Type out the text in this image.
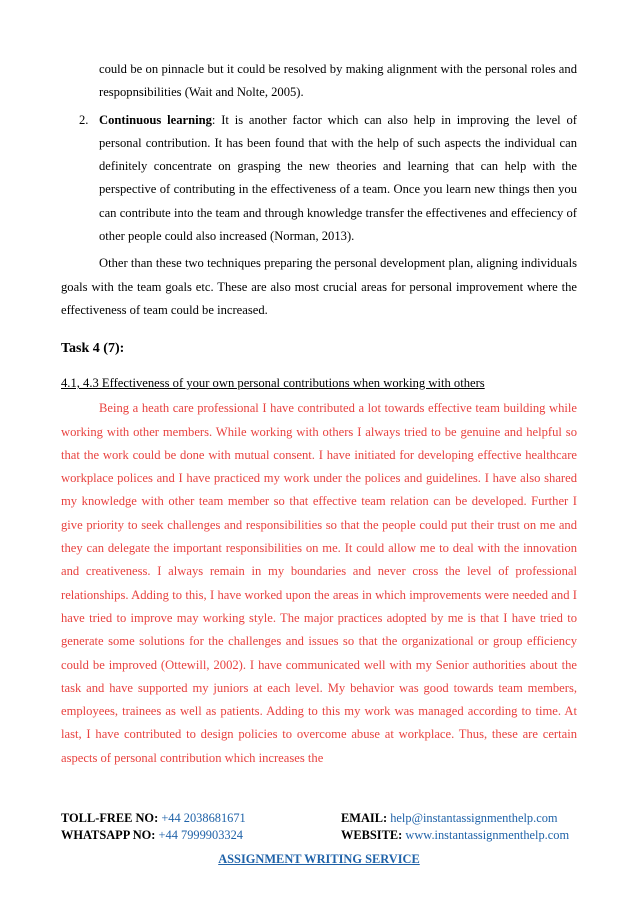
could be on pinnacle but it could be resolved by making alignment with the personal roles and respopnsibilities (Wait and Nolte, 2005).
2. Continuous learning: It is another factor which can also help in improving the level of personal contribution. It has been found that with the help of such aspects the individual can definitely concentrate on grasping the new theories and learning that can help with the perspective of contributing in the effectiveness of a team. Once you learn new things then you can contribute into the team and through knowledge transfer the effectivenes and effeciency of other people could also increased (Norman, 2013).
Other than these two techniques preparing the personal development plan, aligning individuals goals with the team goals etc. These are also most crucial areas for personal improvement where the effectiveness of team could be increased.
Task 4 (7):
4.1, 4.3 Effectiveness of your own personal contributions when working with others
Being a heath care professional I have contributed a lot towards effective team building while working with other members. While working with others I always tried to be genuine and helpful so that the work could be done with mutual consent. I have initiated for developing effective healthcare workplace polices and I have practiced my work under the polices and guidelines. I have also shared my knowledge with other team member so that effective team relation can be developed. Further I give priority to seek challenges and responsibilities so that the people could put their trust on me and they can delegate the important responsibilities on me. It could allow me to deal with the innovation and creativeness. I always remain in my boundaries and never cross the level of professional relationships. Adding to this, I have worked upon the areas in which improvements were needed and I have tried to improve may working style. The major practices adopted by me is that I have tried to generate some solutions for the challenges and issues so that the organizational or group efficiency could be improved (Ottewill, 2002). I have communicated well with my Senior authorities about the task and have supported my juniors at each level. My behavior was good towards team members, employees, trainees as well as patients. Adding to this my work was managed according to time. At last, I have contributed to design policies to overcome abuse at workplace. Thus, these are certain aspects of personal contribution which increases the
TOLL-FREE NO: +44 2038681671	EMAIL: help@instantassignmenthelp.com
WHATSAPP NO: +44 7999903324	WEBSITE: www.instantassignmenthelp.com
ASSIGNMENT WRITING SERVICE
